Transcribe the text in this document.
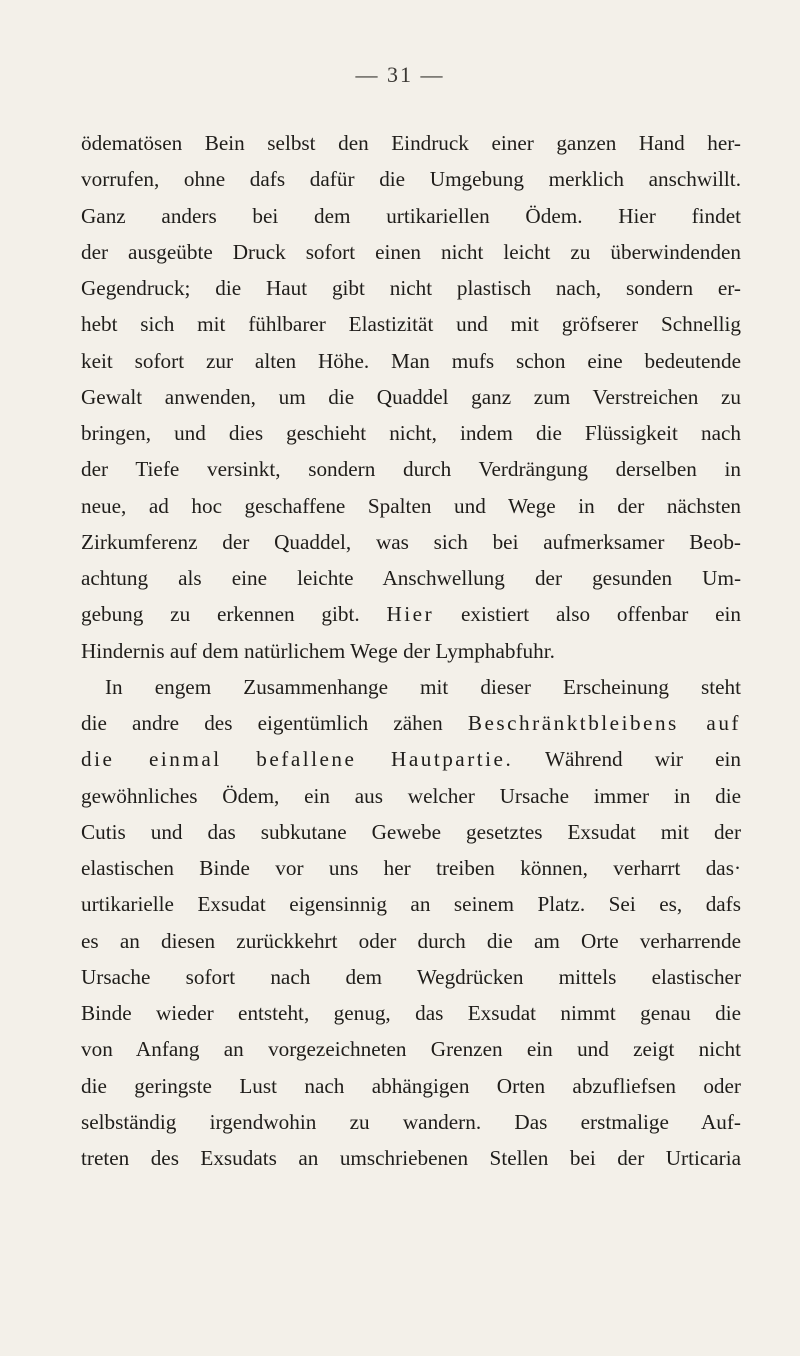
— 31 —
ödematösen Bein selbst den Eindruck einer ganzen Hand her-
vorrufen, ohne dafs dafür die Umgebung merklich anschwillt.
Ganz anders bei dem urtikariellen Ödem. Hier findet
der ausgeübte Druck sofort einen nicht leicht zu überwindenden
Gegendruck; die Haut gibt nicht plastisch nach, sondern er-
hebt sich mit fühlbarer Elastizität und mit gröfserer Schnellig
keit sofort zur alten Höhe. Man mufs schon eine bedeutende
Gewalt anwenden, um die Quaddel ganz zum Verstreichen zu
bringen, und dies geschieht nicht, indem die Flüssigkeit nach
der Tiefe versinkt, sondern durch Verdrängung derselben in
neue, ad hoc geschaffene Spalten und Wege in der nächsten
Zirkumferenz der Quaddel, was sich bei aufmerksamer Beob-
achtung als eine leichte Anschwellung der gesunden Um-
gebung zu erkennen gibt. Hier existiert also offenbar ein
Hindernis auf dem natürlichem Wege der Lymphabfuhr.
In engem Zusammenhange mit dieser Erscheinung steht
die andre des eigentümlich zähen Beschränktbleibens auf
die einmal befallene Hautpartie. Während wir ein
gewöhnliches Ödem, ein aus welcher Ursache immer in die
Cutis und das subkutane Gewebe gesetztes Exsudat mit der
elastischen Binde vor uns her treiben können, verharrt das·
urtikarielle Exsudat eigensinnig an seinem Platz. Sei es, dafs
es an diesen zurückkehrt oder durch die am Orte verharrende
Ursache sofort nach dem Wegdrücken mittels elastischer
Binde wieder entsteht, genug, das Exsudat nimmt genau die
von Anfang an vorgezeichneten Grenzen ein und zeigt nicht
die geringste Lust nach abhängigen Orten abzufliefsen oder
selbständig irgendwohin zu wandern. Das erstmalige Auf-
treten des Exsudats an umschriebenen Stellen bei der Urticaria
